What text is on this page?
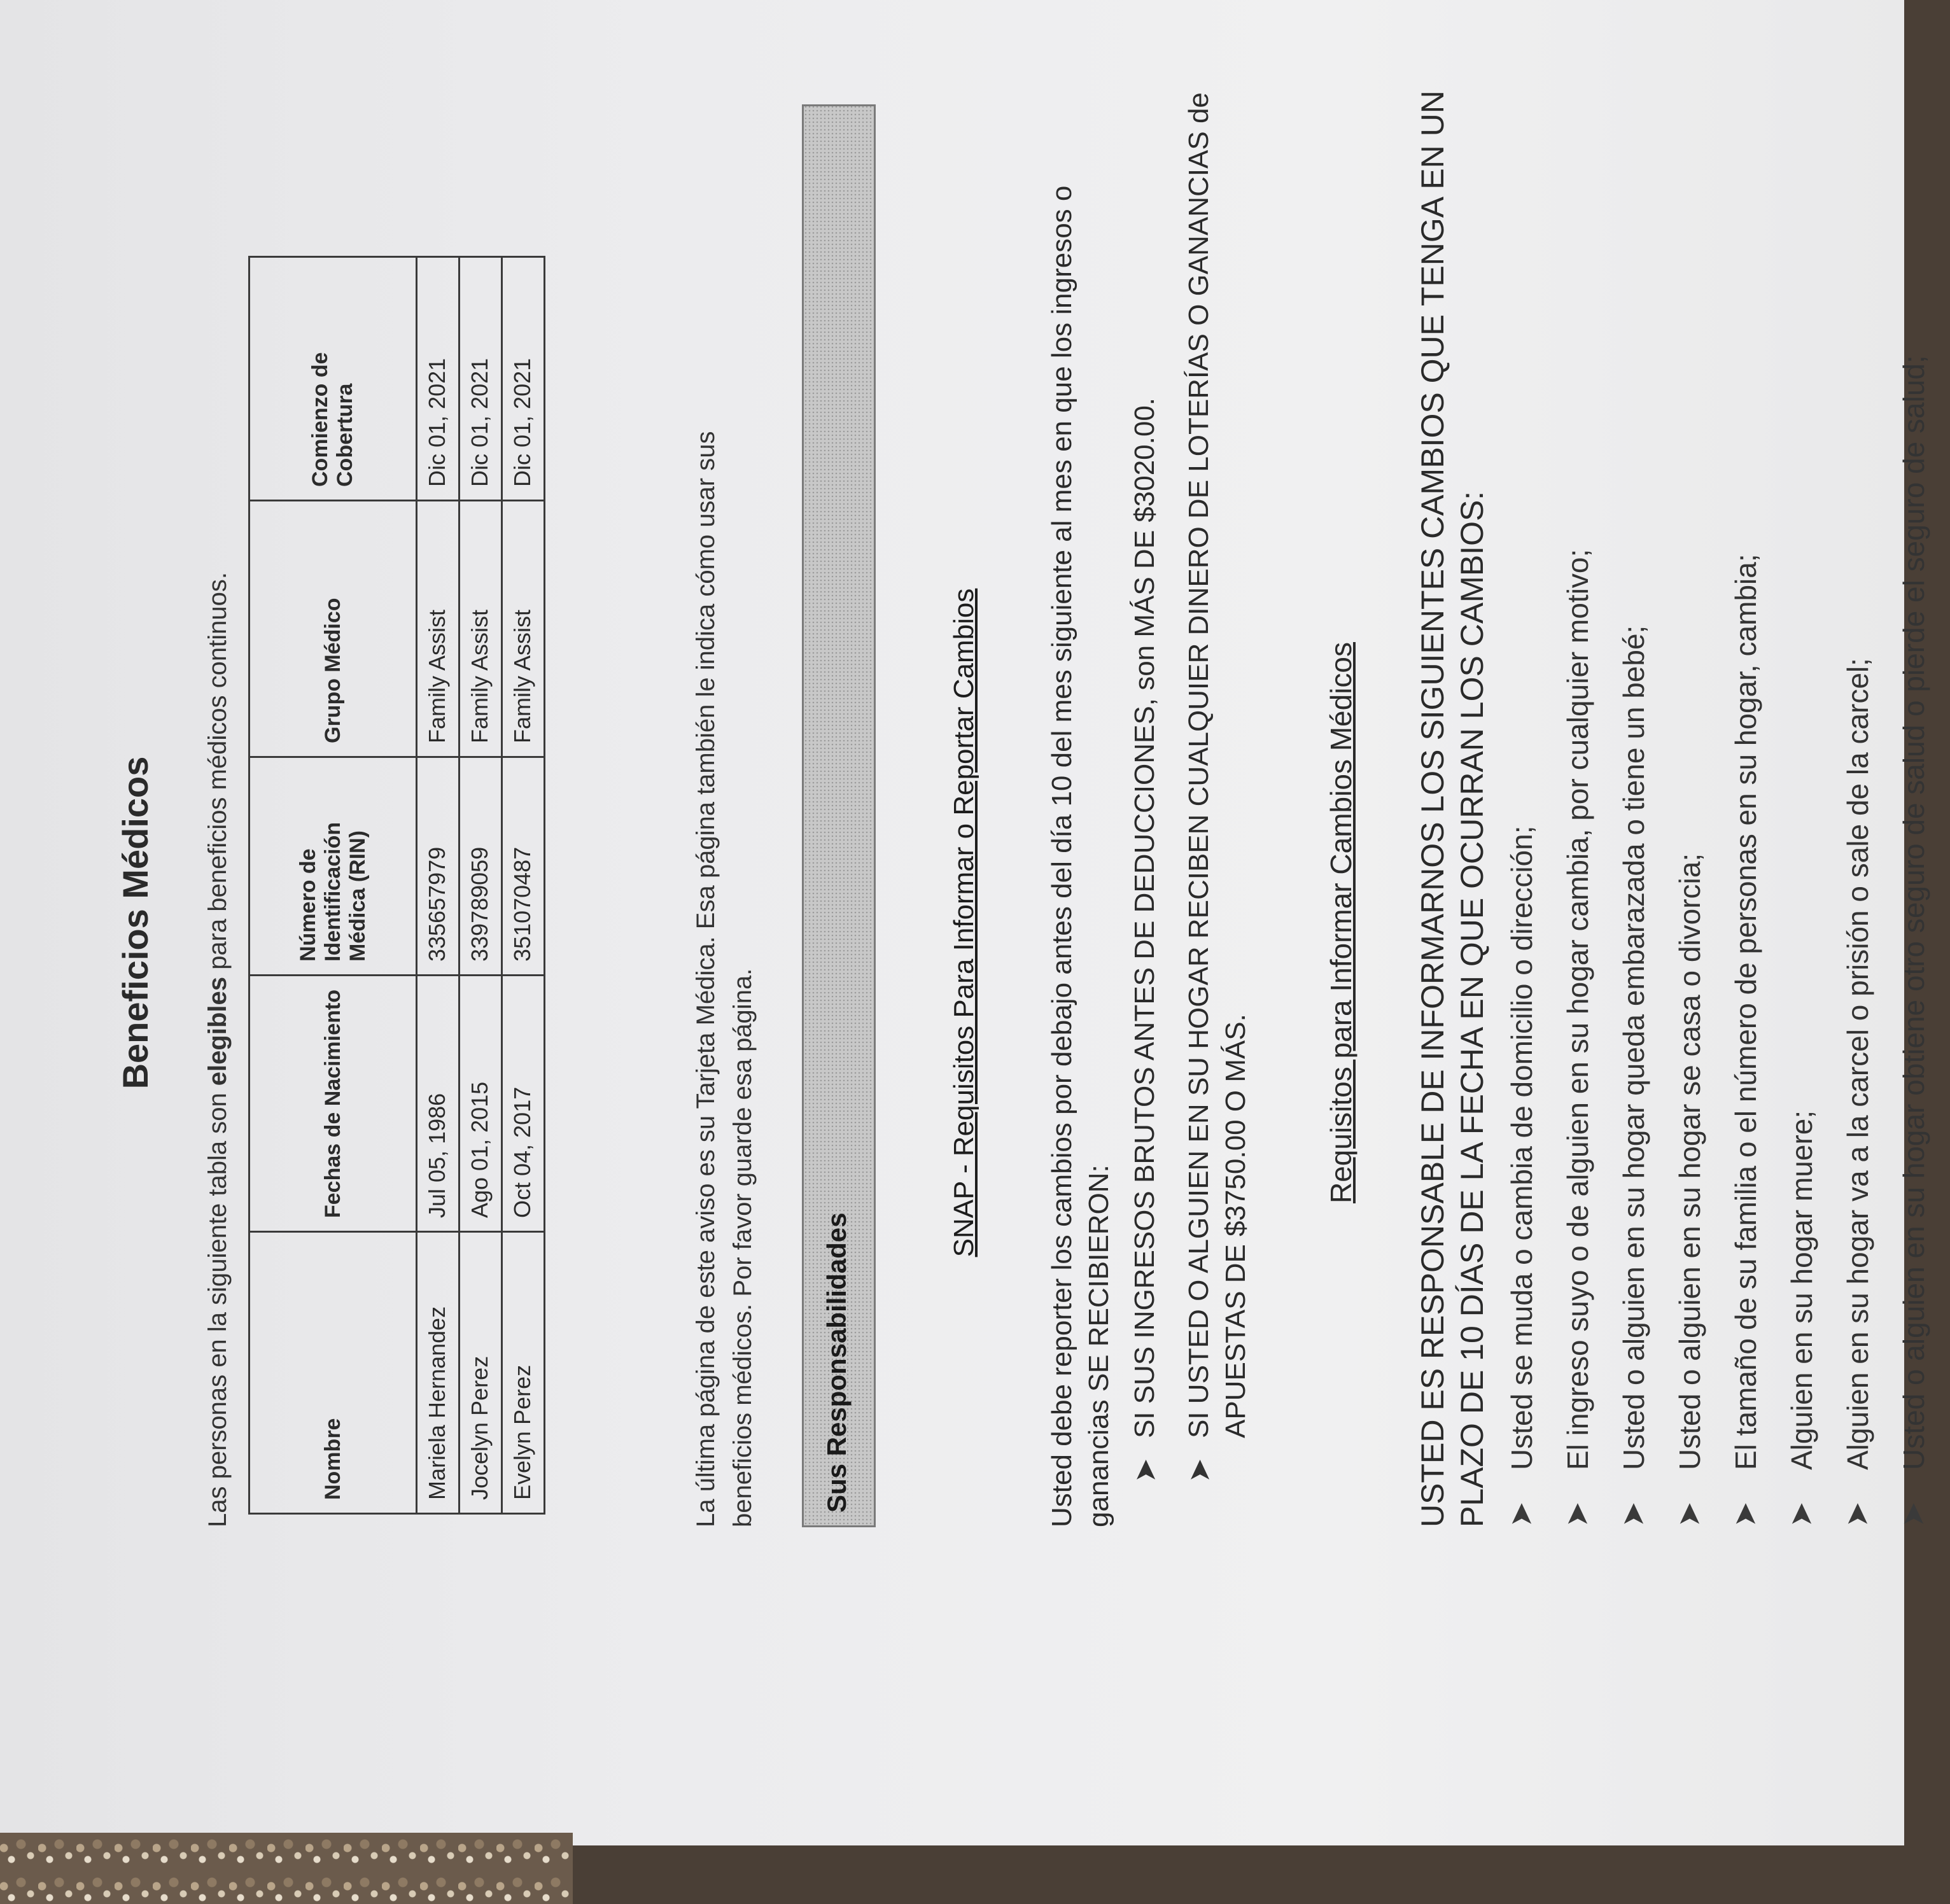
Beneficios Médicos
Las personas en la siguiente tabla son elegibles para beneficios médicos continuos.
Nombre	Fechas de Nacimiento	Número de Identificación Médica (RIN)	Grupo Médico	Comienzo de Cobertura
Mariela Hernandez	Jul 05, 1986	335657979	Family Assist	Dic 01, 2021
Jocelyn Perez	Ago 01, 2015	339789059	Family Assist	Dic 01, 2021
Evelyn Perez	Oct 04, 2017	351070487	Family Assist	Dic 01, 2021
La última página de este aviso es su Tarjeta Médica. Esa página también le indica cómo usar sus beneficios médicos. Por favor guarde esa página. Sus Responsabilidades
SNAP - Requisitos Para Informar o Reportar Cambios Usted debe reporter los cambios por debajo antes del día 10 del mes siguiente al mes en que los ingresos o ganancias SE RECIBIERON: ➤
SI SUS INGRESOS BRUTOS ANTES DE DEDUCCIONES, son MÁS DE $3020.00.
➤
SI USTED O ALGUIEN EN SU HOGAR RECIBEN CUALQUIER DINERO DE LOTERÍAS O GANANCIAS de APUESTAS DE $3750.00 O MÁS.
Requisitos para Informar Cambios Médicos USTED ES RESPONSABLE DE INFORMARNOS LOS SIGUIENTES CAMBIOS QUE TENGA EN UN PLAZO DE 10 DÍAS DE LA FECHA EN QUE OCURRAN LOS CAMBIOS: ➤
Usted se muda o cambia de domicilio o dirección;
➤
El ingreso suyo o de alguien en su hogar cambia, por cualquier motivo;
➤
Usted o alguien en su hogar queda embarazada o tiene un bebé;
➤
Usted o alguien en su hogar se casa o divorcia;
➤
El tamaño de su familia o el número de personas en su hogar, cambia;
➤
Alguien en su hogar muere;
➤
Alguien en su hogar va a la carcel o prisión o sale de la carcel;
➤
Usted o alguien en su hogar obtiene otro seguro de salud o pierde el seguro de salud;
